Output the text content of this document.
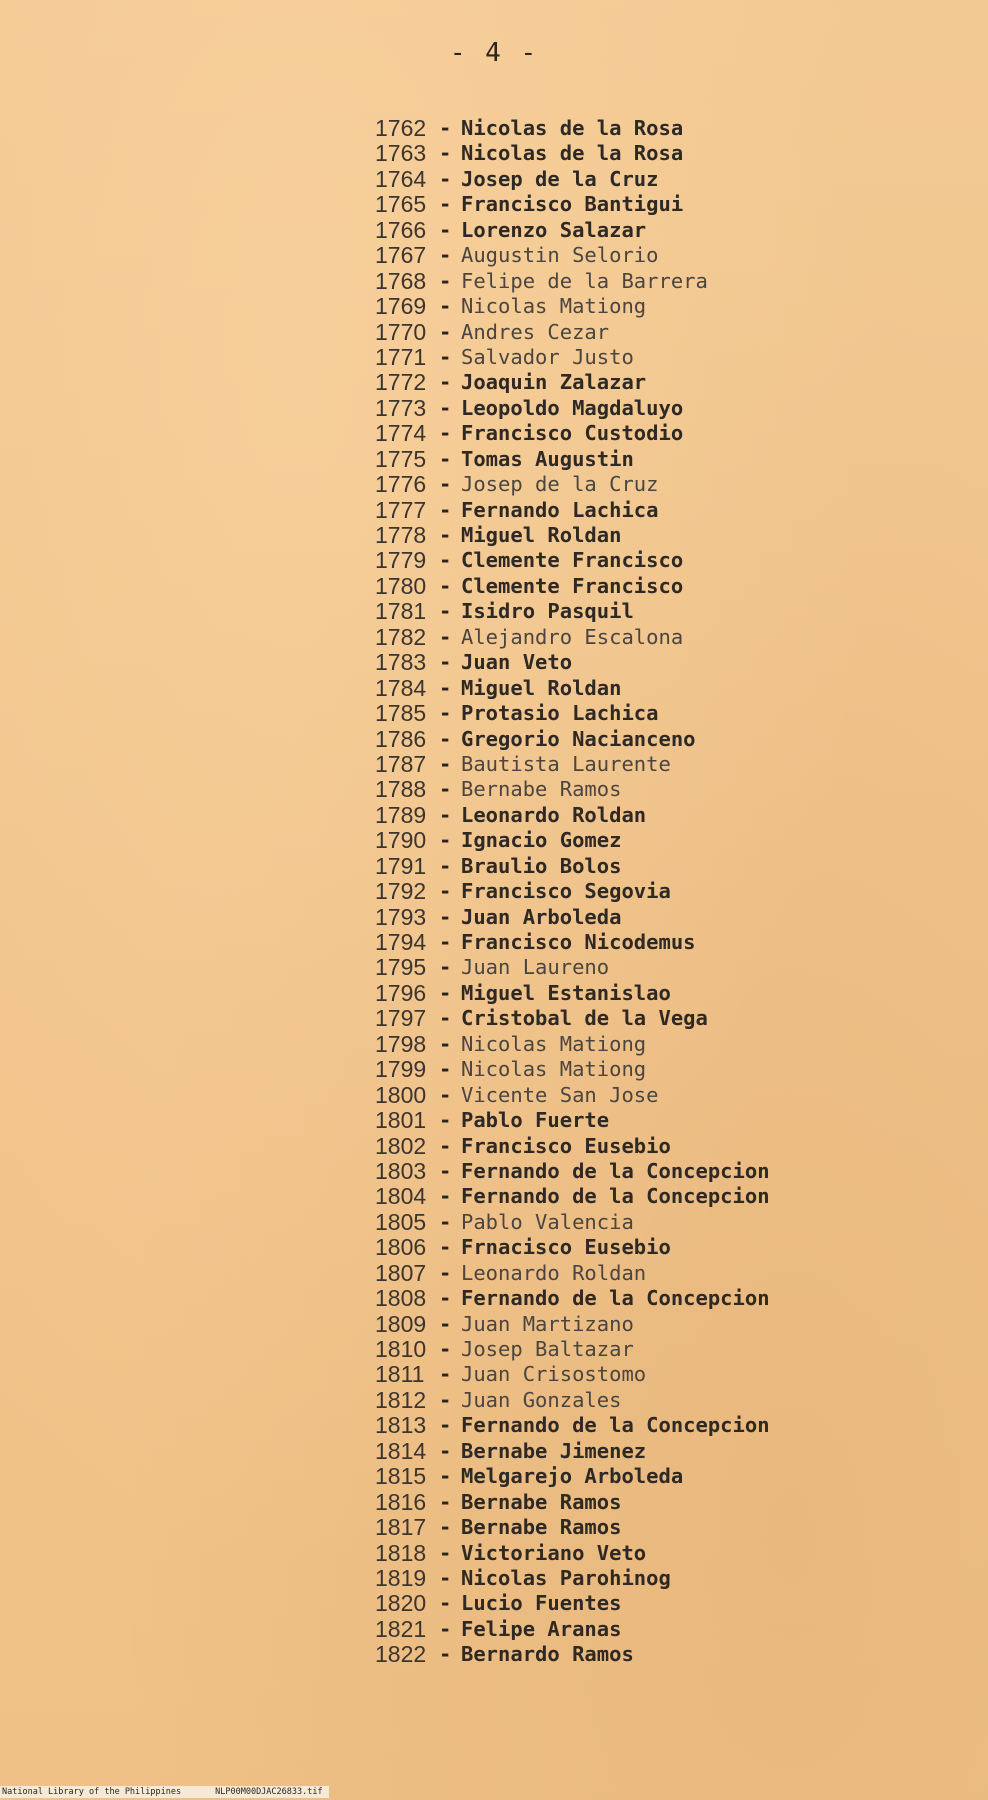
- 4 -
1762 - Nicolas de la Rosa
1763 - Nicolas de la Rosa
1764 - Josep de la Cruz
1765 - Francisco Bantigui
1766 - Lorenzo Salazar
1767 - Augustin Selorio
1768 - Felipe de la Barrera
1769 - Nicolas Mationg
1770 - Andres Cezar
1771 - Salvador Justo
1772 - Joaquin Zalazar
1773 - Leopoldo Magdaluyo
1774 - Francisco Custodio
1775 - Tomas Augustin
1776 - Josep de la Cruz
1777 - Fernando Lachica
1778 - Miguel Roldan
1779 - Clemente Francisco
1780 - Clemente Francisco
1781 - Isidro Pasquil
1782 - Alejandro Escalona
1783 - Juan Veto
1784 - Miguel Roldan
1785 - Protasio Lachica
1786 - Gregorio Nacianceno
1787 - Bautista Laurente
1788 - Bernabe Ramos
1789 - Leonardo Roldan
1790 - Ignacio Gomez
1791 - Braulio Bolos
1792 - Francisco Segovia
1793 - Juan Arboleda
1794 - Francisco Nicodemus
1795 - Juan Laureno
1796 - Miguel Estanislao
1797 - Cristobal de la Vega
1798 - Nicolas Mationg
1799 - Nicolas Mationg
1800 - Vicente San Jose
1801 - Pablo Fuerte
1802 - Francisco Eusebio
1803 - Fernando de la Concepcion
1804 - Fernando de la Concepcion
1805 - Pablo Valencia
1806 - Frnacisco Eusebio
1807 - Leonardo Roldan
1808 - Fernando de la Concepcion
1809 - Juan Martizano
1810 - Josep Baltazar
1811 - Juan Crisostomo
1812 - Juan Gonzales
1813 - Fernando de la Concepcion
1814 - Bernabe Jimenez
1815 - Melgarejo Arboleda
1816 - Bernabe Ramos
1817 - Bernabe Ramos
1818 - Victoriano Veto
1819 - Nicolas Parohinog
1820 - Lucio Fuentes
1821 - Felipe Aranas
1822 - Bernardo Ramos
National Library of the Philippines	NLP00M00DJAC26833.tif
